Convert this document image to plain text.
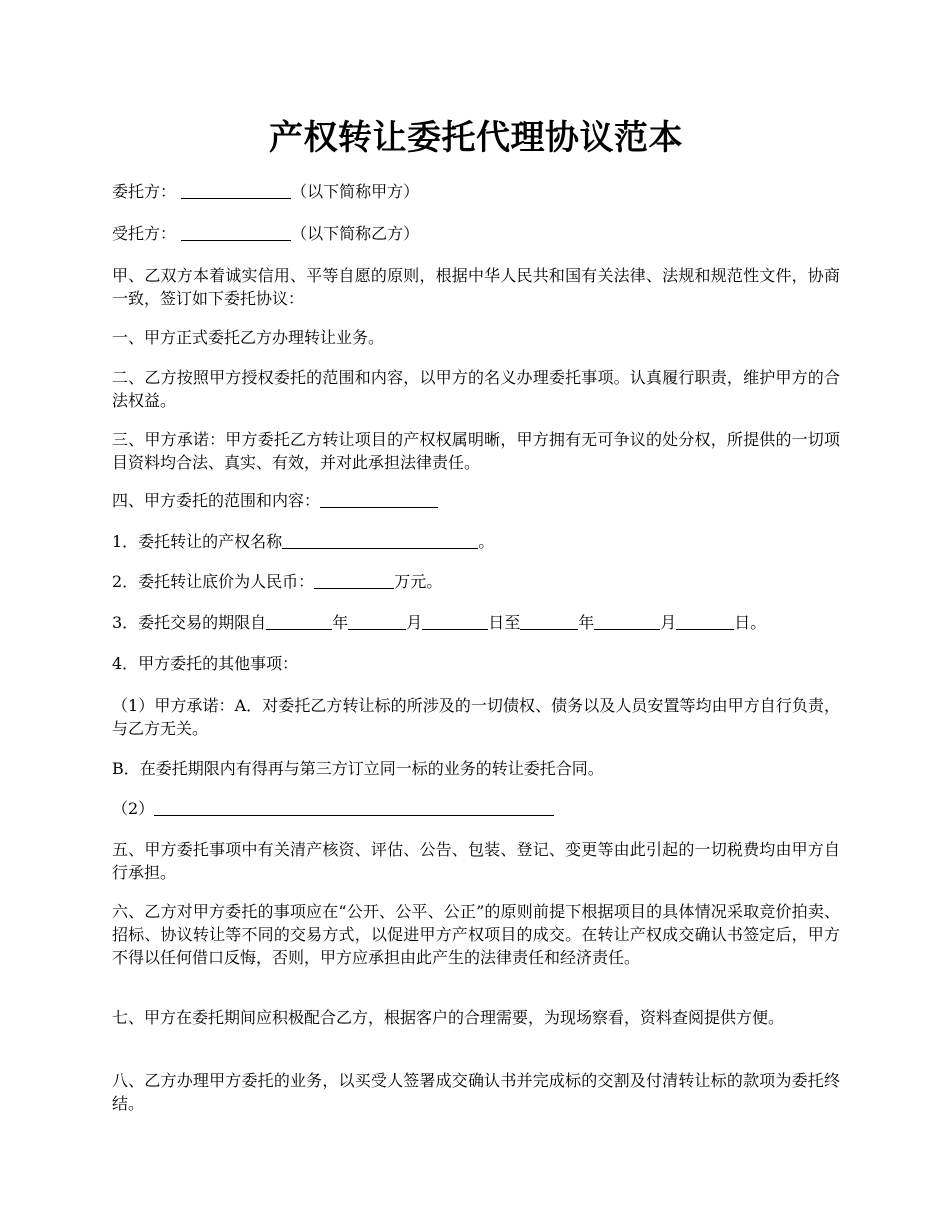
产权转让委托代理协议范本

委托方：	（以下简称甲方）

受托方：	（以下简称乙方）

甲、乙双方本着诚实信用、平等自愿的原则，根据中华人民共和国有关法律、法规和规范性文件，协商一致，签订如下委托协议：

一、甲方正式委托乙方办理转让业务。

二、乙方按照甲方授权委托的范围和内容，以甲方的名义办理委托事项。认真履行职责，维护甲方的合法权益。

三、甲方承诺：甲方委托乙方转让项目的产权权属明晰，甲方拥有无可争议的处分权，所提供的一切项目资料均合法、真实、有效，并对此承担法律责任。

四、甲方委托的范围和内容：

1．委托转让的产权名称	。

2．委托转让底价为人民币：	万元。

3．委托交易的期限自	年	月	日至	年	月	日。

4．甲方委托的其他事项：

（1）甲方承诺：A．对委托乙方转让标的所涉及的一切债权、债务以及人员安置等均由甲方自行负责，与乙方无关。

B．在委托期限内有得再与第三方订立同一标的业务的转让委托合同。

（2）

五、甲方委托事项中有关清产核资、评估、公告、包装、登记、变更等由此引起的一切税费均由甲方自行承担。

六、乙方对甲方委托的事项应在“公开、公平、公正”的原则前提下根据项目的具体情况采取竞价拍卖、招标、协议转让等不同的交易方式，以促进甲方产权项目的成交。在转让产权成交确认书签定后，甲方不得以任何借口反悔，否则，甲方应承担由此产生的法律责任和经济责任。

七、甲方在委托期间应积极配合乙方，根据客户的合理需要，为现场察看，资料查阅提供方便。

八、乙方办理甲方委托的业务，以买受人签署成交确认书并完成标的交割及付清转让标的款项为委托终结。
